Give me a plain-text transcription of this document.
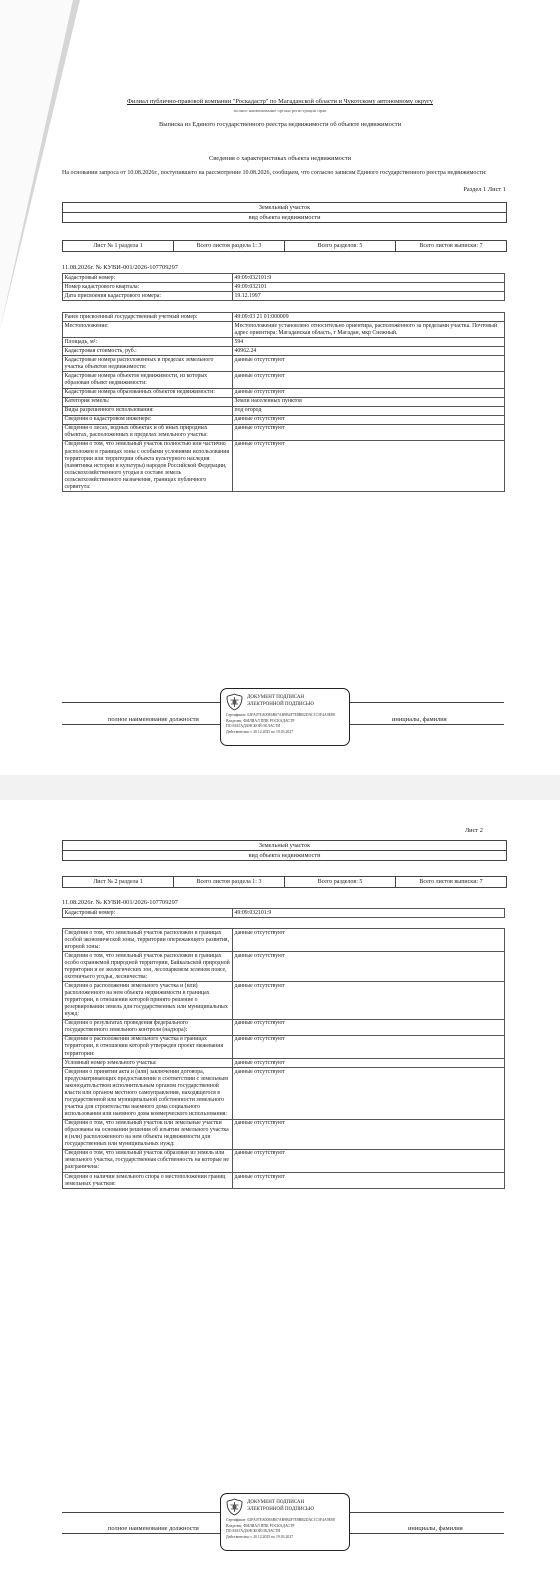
Филиал публично-правовой компании "Роскадастр" по Магаданской области и Чукотскому автономному округу
полное наименование органа регистрации прав
Выписка из Единого государственного реестра недвижимости об объекте недвижимости
Сведения о характеристиках объекта недвижимости
На основании запроса от 10.08.2026г., поступившего на рассмотрение 10.08.2026, сообщаем, что согласно записям Единого государственного реестра недвижимости:
Раздел 1 Лист 1
Земельный участок
вид объекта недвижимости
Лист № 1 раздела 1	Всего листов раздела 1: 3	Всего разделов: 5	Всего листов выписки: 7
11.08.2026г. № КУВИ-001/2026-107709297
Кадастровый номер:	49:09:032101:9
Номер кадастрового квартала:	49:09:032101
Дата присвоения кадастрового номера:	19.12.1997
Ранее присвоенный государственный учетный номер:	49:09:03 21 01:000009
Местоположение:	Местоположение установлено относительно ориентира, расположенного за пределами участка. Почтовый адрес ориентира: Магаданская область, г Магадан, мкр Снежный.
Площадь, м²:	594
Кадастровая стоимость, руб.:	40962.24
Кадастровые номера расположенных в пределах земельного участка объектов недвижимости:	данные отсутствуют
Кадастровые номера объектов недвижимости, из которых образован объект недвижимости:	данные отсутствуют
Кадастровые номера образованных объектов недвижимости:	данные отсутствуют
Категория земель:	Земли населенных пунктов
Виды разрешенного использования:	под огород
Сведения о кадастровом инженере:	данные отсутствуют
Сведения о лесах, водных объектах и об иных природных объектах, расположенных в пределах земельного участка:	данные отсутствуют
Сведения о том, что земельный участок полностью или частично расположен в границах зоны с особыми условиями использования территории или территории объекта культурного наследия (памятника истории и культуры) народов Российской Федерации, сельскохозяйственного угодья в составе земель сельскохозяйственного назначения, границах публичного сервитута:	данные отсутствуют
полное наименование должности	инициалы, фамилия
ДОКУМЕНТ ПОДПИСАН
ЭЛЕКТРОННОЙ ПОДПИСЬЮ
Сертификат: 02FA07EA00E6B07AB9B4F7E8BB2DAC1C5F4A9E88
Владелец: ФИЛИАЛ ППК РОСКАДАСТР
ПО МАГАДАНСКОЙ ОБЛАСТИ
Действителен: с 20.12.2025 по 19.03.2027
Лист 2
Земельный участок
вид объекта недвижимости
Лист № 2 раздела 1	Всего листов раздела 1: 3	Всего разделов: 5	Всего листов выписки: 7
11.08.2026г. № КУВИ-001/2026-107709297
Кадастровый номер:	49:09:032101:9
Сведения о том, что земельный участок расположен в границах особой экономической зоны, территории опережающего развития, игорной зоны:	данные отсутствуют
Сведения о том, что земельный участок расположен в границах особо охраняемой природной территории, Байкальской природной территории и ее экологических зон, лесопарковом зеленом поясе, охотничьего угодья, лесничества:	данные отсутствуют
Сведения о расположении земельного участка и (или) расположенного на нем объекта недвижимости в границах территории, в отношении которой принято решение о резервировании земель для государственных или муниципальных нужд:	данные отсутствуют
Сведения о результатах проведения федерального государственного земельного контроля (надзора):	данные отсутствуют
Сведения о расположении земельного участка в границах территории, в отношении которой утвержден проект межевания территории:	данные отсутствуют
Условный номер земельного участка:	данные отсутствуют
Сведения о принятии акта и (или) заключении договора, предусматривающих предоставление в соответствии с земельным законодательством исполнительным органом государственной власти или органом местного самоуправления, находящегося в государственной или муниципальной собственности земельного участка для строительства наемного дома социального использования или наемного дома коммерческого использования:	данные отсутствуют
Сведения о том, что земельный участок или земельные участки образованы на основании решения об изъятии земельного участка и (или) расположенного на нем объекта недвижимости для государственных или муниципальных нужд:	данные отсутствуют
Сведения о том, что земельный участок образован из земель или земельного участка, государственная собственность на которые не разграничена:	данные отсутствуют
Сведения о наличии земельного спора о местоположении границ земельных участков:	данные отсутствуют
полное наименование должности	инициалы, фамилия
ДОКУМЕНТ ПОДПИСАН
ЭЛЕКТРОННОЙ ПОДПИСЬЮ
Сертификат: 02FA07EA00E6B07AB9B4F7E8BB2DAC1C5F4A9E88
Владелец: ФИЛИАЛ ППК РОСКАДАСТР
ПО МАГАДАНСКОЙ ОБЛАСТИ
Действителен: с 20.12.2025 по 19.03.2027
